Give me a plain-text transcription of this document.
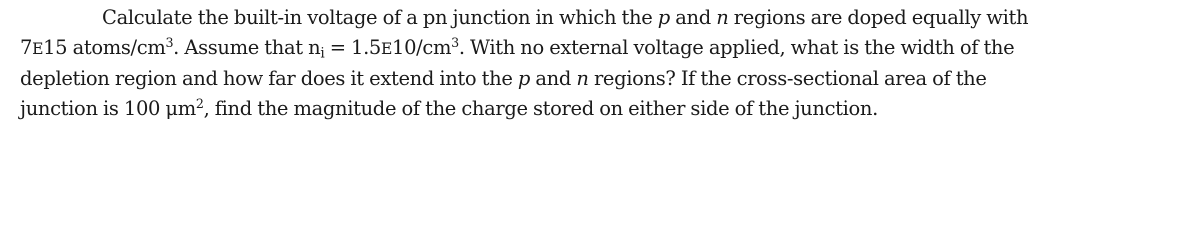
Calculate the built-in voltage of a pn junction in which the p and n regions are doped equally with
7E15 atoms/$cm^3$. Assume that $n_i = 1.5E10/cm^3$. With no external voltage applied, what is the width of the
depletion region and how far does it extend into the p and n regions? If the cross-sectional area of the
junction is 100 $\mu m^2$, find the magnitude of the charge stored on either side of the junction.
